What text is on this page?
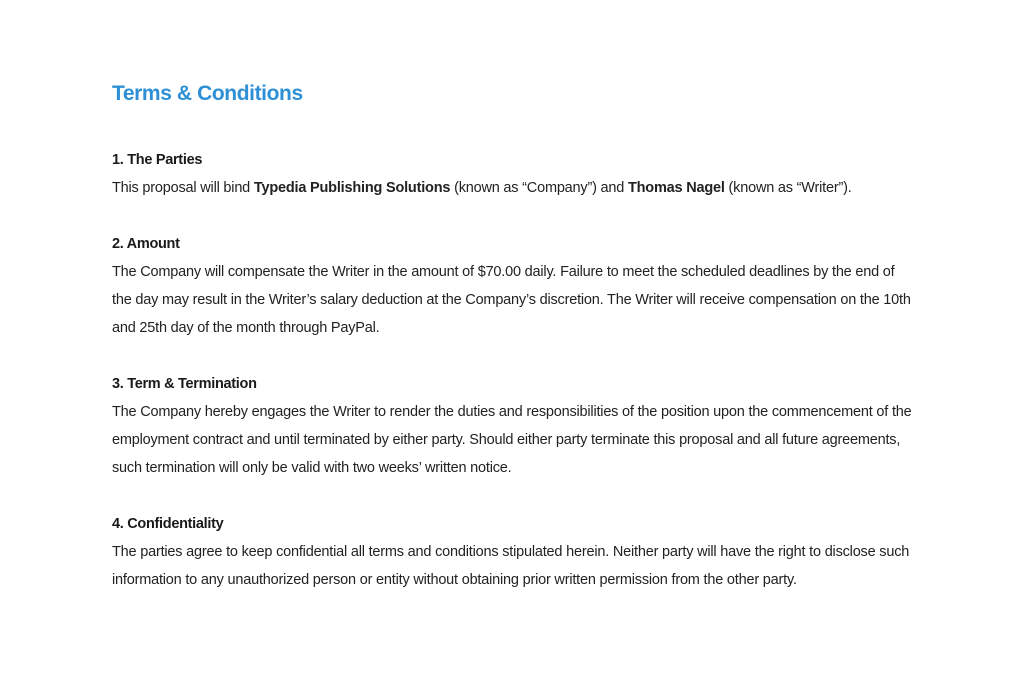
Terms & Conditions
1. The Parties
This proposal will bind Typedia Publishing Solutions (known as “Company”) and Thomas Nagel (known as “Writer”).
2. Amount
The Company will compensate the Writer in the amount of $70.00 daily. Failure to meet the scheduled deadlines by the end of the day may result in the Writer’s salary deduction at the Company’s discretion. The Writer will receive compensation on the 10th and 25th day of the month through PayPal.
3. Term & Termination
The Company hereby engages the Writer to render the duties and responsibilities of the position upon the commencement of the employment contract and until terminated by either party. Should either party terminate this proposal and all future agreements, such termination will only be valid with two weeks’ written notice.
4. Confidentiality
The parties agree to keep confidential all terms and conditions stipulated herein. Neither party will have the right to disclose such information to any unauthorized person or entity without obtaining prior written permission from the other party.
